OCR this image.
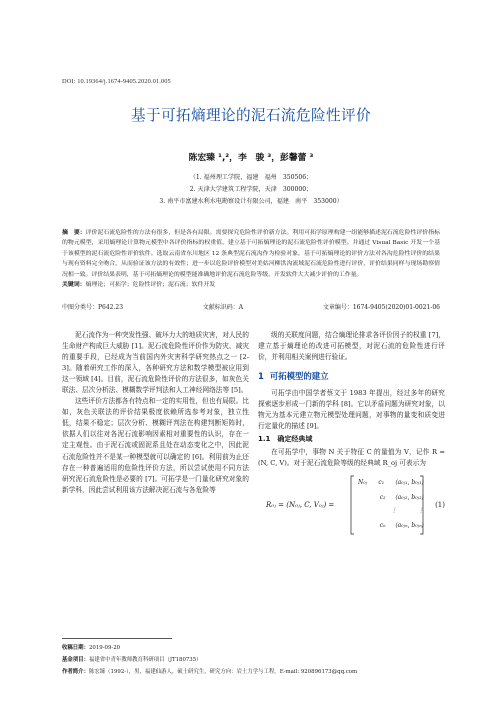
DOI: 10.19364/j.1674-9405.2020.01.005
基于可拓熵理论的泥石流危险性评价
陈宏臻 ¹,²，李　骏 ³，彭馨蕾 ³
（1. 福州理工学院，福建　福州　350506；
2. 天津大学建筑工程学院，天津　300000；
3. 南平市富建水利水电勘察设计有限公司，福建　南平　353000）
摘　要：评价泥石流危险性的方法有很多，但是各有局限。需要探究危险性评价新方法。利用可拓学原理构建一组能够描述泥石流危险性评价指标的物元模型，采用熵理论计算物元模型中各评价指标的权重值，建立基于可拓熵理论的泥石流危险性评价模型。并通过 Visual Basic 开发一个基于该模型的泥石流危险性评价软件。选取云南省东川地区 12 条典型泥石流沟作为检验对象，基于可拓熵理论的评价方法对各沟危险性评价的结果与现有资料完全吻合，从而验证该方法的有效性；进一步以危险评价模型对美姑河柳洪沟流域泥石流危险性进行评价，评价结果同样与现场勘察情况相一致。评价结果表明，基于可拓熵理论的模型能准确地评价泥石流危险等级，开发软件大大减少评价的工作量。
关键词：熵理论；可拓学；危险性评价；泥石流；软件开发
中图分类号：P642.23	文献标识码：A	文章编号：1674-9405(2020)01-0021-06

泥石流作为一种突发性强、破坏力大的地质灾害，对人民的生命财产构成巨大威胁 [1]。泥石流危险性评价作为防灾、减灾的重要手段，已经成为当前国内外灾害科学研究热点之一 [2-3]。随着研究工作的深入，各种研究方法和数学模型被应用到这一领域 [4]。目前，泥石流危险性评价的方法很多，如灰色关联法、层次分析法、模糊数学评判法和人工神经网络法等 [5]。

这些评价方法都各有特点和一定的实用性，但也有局限。比如，灰色关联法的评价结果极度依赖所选参考对象，独立性低，结果不稳定；层次分析、模糊评判法在构建判断矩阵时，依据人们以往对各泥石流影响因素相对重要性的认识，存在一定主观性。由于泥石流或固泥系且处在动态变化之中，因此泥石流危险性并不是某一种模型就可以确定的 [6]。利用前为止还存在一种普遍适用的危险性评价方法，所以尝试使用不同方法研究泥石流危险性是必要的 [7]。可拓学是一门量化研究对象的新学科，因此尝试利用该方法解决泥石流与各危险等

级的关联度问题，结合熵理论排求各评价因子的权重 [7]，建立基于熵理论的改进可拓模型，对泥石流的危险性进行评价，并利用相关案例进行验证。

1 可拓模型的建立

可拓学由中国学者蔡文于 1983 年提出，经过多年的研究探索逐步形成一门新的学科 [8]。它以矛盾问题为研究对象，以物元为基本元建立物元模型处理问题，对事物的量变和质变进行定量化的描述 [9]。

1.1　确定经典域

在可拓学中，事物 N 关于特征 C 的量值为 V，记作 R = (N, C, V)。对于泥石流危险等级的经典域 R_oj 可表示为

R₀ⱼ = (N₀ⱼ, C, V₀ⱼ) =
N₀ⱼ c₁ ⟨a₀ⱼ₁, b₀ⱼ₁⟩
c₂ ⟨a₀ⱼ₂, b₀ⱼ₂⟩
⋮	⋮
cₙ ⟨a₀ⱼₙ, b₀ⱼₙ⟩
(1)
收稿日期：2019-09-20
基金项目：福建省中青年教师教育科研项目（JT180735）
作者简介：陈宏臻（1992-），男，福建仙游人，硕士研究生，研究方向：岩土力学与工程。E-mail: 920896173@qq.com
